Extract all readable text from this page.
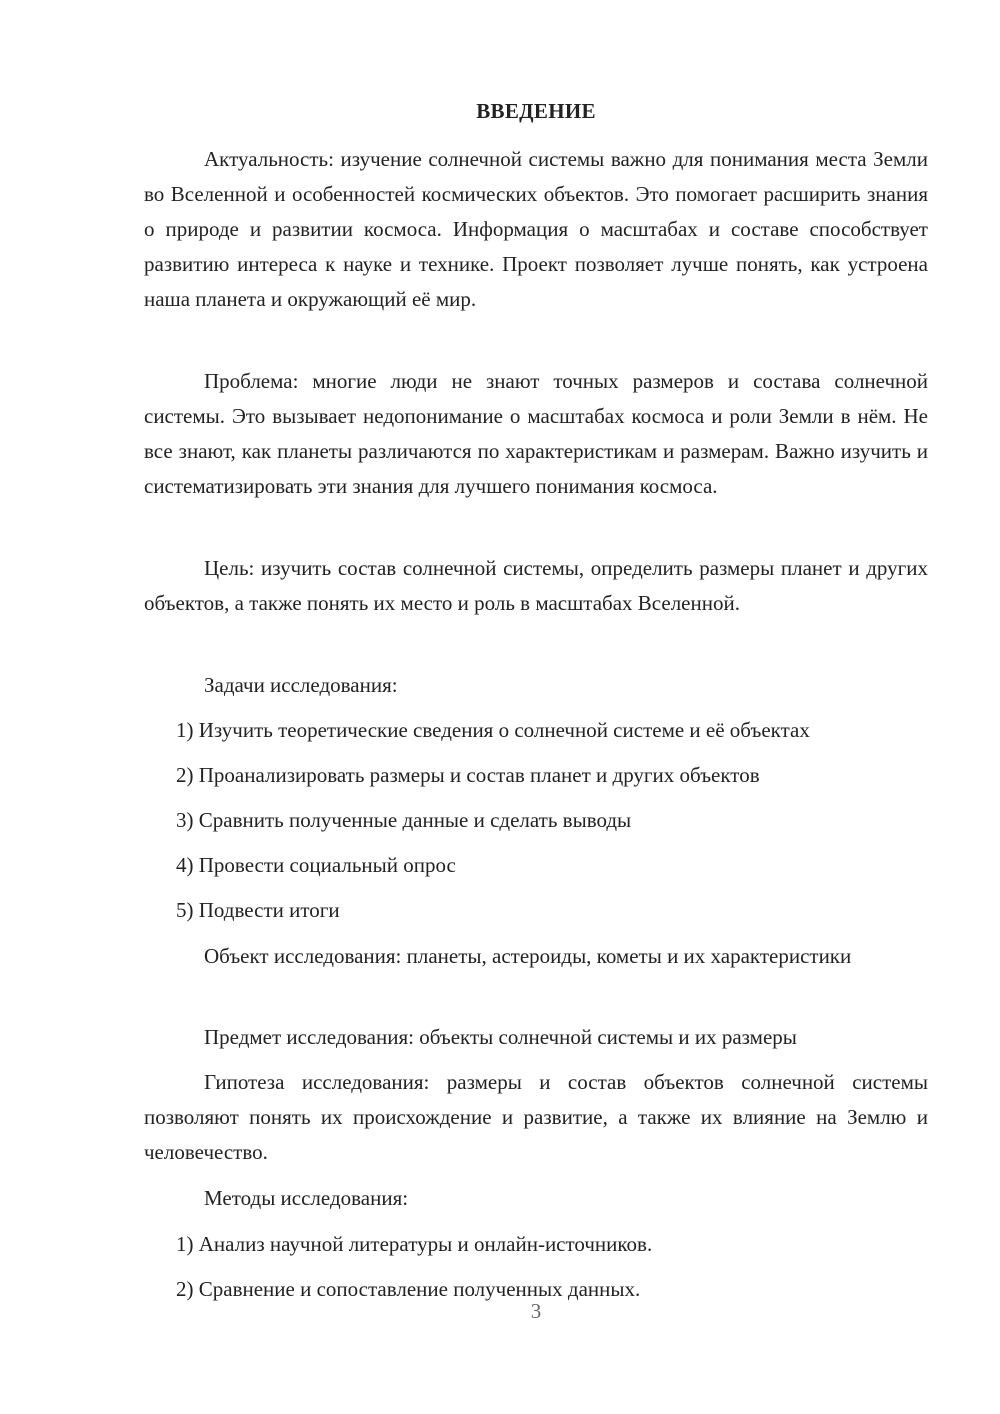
ВВЕДЕНИЕ

Актуальность: изучение солнечной системы важно для понимания места Земли во Вселенной и особенностей космических объектов. Это помогает расширить знания о природе и развитии космоса. Информация о масштабах и составе способствует развитию интереса к науке и технике. Проект позволяет лучше понять, как устроена наша планета и окружающий её мир.

Проблема: многие люди не знают точных размеров и состава солнечной системы. Это вызывает недопонимание о масштабах космоса и роли Земли в нём. Не все знают, как планеты различаются по характеристикам и размерам. Важно изучить и систематизировать эти знания для лучшего понимания космоса.

Цель: изучить состав солнечной системы, определить размеры планет и других объектов, а также понять их место и роль в масштабах Вселенной.

Задачи исследования:

1) Изучить теоретические сведения о солнечной системе и её объектах

2) Проанализировать размеры и состав планет и других объектов

3) Сравнить полученные данные и сделать выводы

4) Провести социальный опрос

5) Подвести итоги

Объект исследования: планеты, астероиды, кометы и их характеристики

Предмет исследования: объекты солнечной системы и их размеры

Гипотеза исследования: размеры и состав объектов солнечной системы позволяют понять их происхождение и развитие, а также их влияние на Землю и человечество.

Методы исследования:

1) Анализ научной литературы и онлайн-источников.

2) Сравнение и сопоставление полученных данных.

3
